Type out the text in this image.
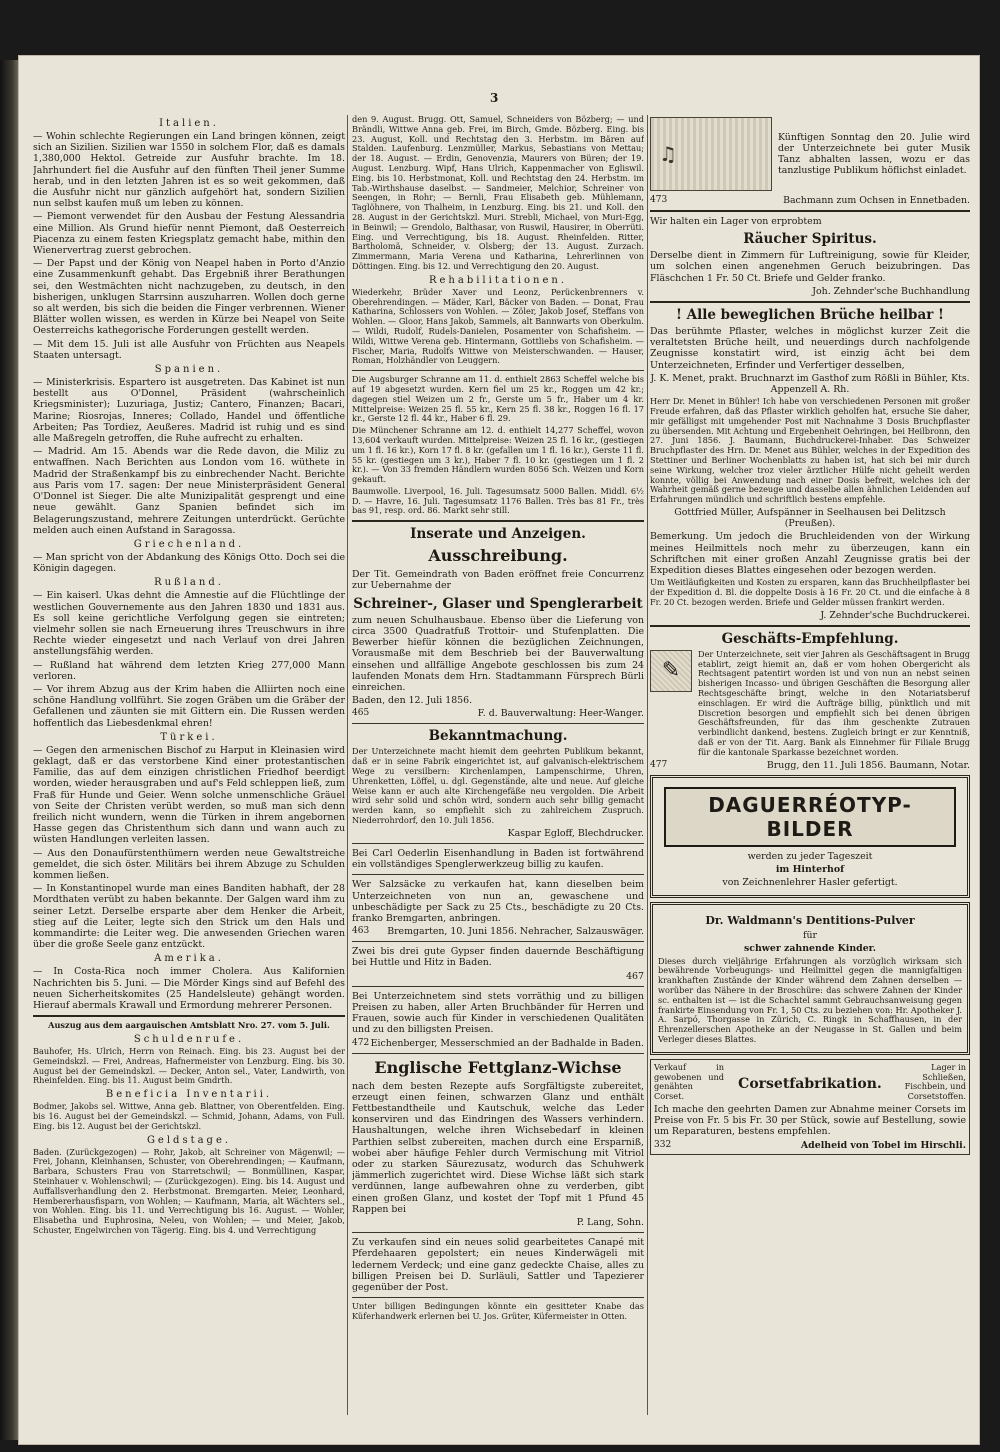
3
Italien.

— Wohin schlechte Regierungen ein Land bringen können, zeigt sich an Sizilien. Sizilien war 1550 in solchem Flor, daß es damals 1,380,000 Hektol. Getreide zur Ausfuhr brachte. Im 18. Jahrhundert fiel die Ausfuhr auf den fünften Theil jener Summe herab, und in den letzten Jahren ist es so weit gekommen, daß die Ausfuhr nicht nur gänzlich aufgehört hat, sondern Sizilien nun selbst kaufen muß um leben zu können.

— Piemont verwendet für den Ausbau der Festung Alessandria eine Million. Als Grund hiefür nennt Piemont, daß Oesterreich Piacenza zu einem festen Kriegsplatz gemacht habe, mithin den Wienervertrag zuerst gebrochen.

— Der Papst und der König von Neapel haben in Porto d'Anzio eine Zusammenkunft gehabt. Das Ergebniß ihrer Berathungen sei, den Westmächten nicht nachzugeben, zu deutsch, in den bisherigen, unklugen Starrsinn auszuharren. Wollen doch gerne so alt werden, bis sich die beiden die Finger verbrennen. Wiener Blätter wollen wissen, es werden in Kürze bei Neapel von Seite Oesterreichs kathegorische Forderungen gestellt werden.

— Mit dem 15. Juli ist alle Ausfuhr von Früchten aus Neapels Staaten untersagt.

Spanien.

— Ministerkrisis. Espartero ist ausgetreten. Das Kabinet ist nun bestellt aus O'Donnel, Präsident (wahrscheinlich Kriegsminister); Luzuriaga, Justiz; Cantero, Finanzen; Bacari, Marine; Riosrojas, Inneres; Collado, Handel und öffentliche Arbeiten; Pas Tordiez, Aeußeres. Madrid ist ruhig und es sind alle Maßregeln getroffen, die Ruhe aufrecht zu erhalten.

— Madrid. Am 15. Abends war die Rede davon, die Miliz zu entwaffnen. Nach Berichten aus London vom 16. wüthete in Madrid der Straßenkampf bis zu einbrechender Nacht. Berichte aus Paris vom 17. sagen: Der neue Ministerpräsident General O'Donnel ist Sieger. Die alte Munizipalität gesprengt und eine neue gewählt. Ganz Spanien befindet sich im Belagerungszustand, mehrere Zeitungen unterdrückt. Gerüchte melden auch einen Aufstand in Saragossa.

Griechenland.

— Man spricht von der Abdankung des Königs Otto. Doch sei die Königin dagegen.

Rußland.

— Ein kaiserl. Ukas dehnt die Amnestie auf die Flüchtlinge der westlichen Gouvernemente aus den Jahren 1830 und 1831 aus. Es soll keine gerichtliche Verfolgung gegen sie eintreten; vielmehr sollen sie nach Erneuerung ihres Treuschwurs in ihre Rechte wieder eingesetzt und nach Verlauf von drei Jahren anstellungsfähig werden.

— Rußland hat während dem letzten Krieg 277,000 Mann verloren.

— Vor ihrem Abzug aus der Krim haben die Alliirten noch eine schöne Handlung vollführt. Sie zogen Gräben um die Gräber der Gefallenen und zäunten sie mit Gittern ein. Die Russen werden hoffentlich das Liebesdenkmal ehren!

Türkei.

— Gegen den armenischen Bischof zu Harput in Kleinasien wird geklagt, daß er das verstorbene Kind einer protestantischen Familie, das auf dem einzigen christlichen Friedhof beerdigt worden, wieder herausgraben und auf's Feld schleppen ließ, zum Fraß für Hunde und Geier. Wenn solche unmenschliche Gräuel von Seite der Christen verübt werden, so muß man sich denn freilich nicht wundern, wenn die Türken in ihrem angebornen Hasse gegen das Christenthum sich dann und wann auch zu wüsten Handlungen verleiten lassen.

— Aus den Donaufürstenthümern werden neue Gewaltstreiche gemeldet, die sich öster. Militärs bei ihrem Abzuge zu Schulden kommen ließen.

— In Konstantinopel wurde man eines Banditen habhaft, der 28 Mordthaten verübt zu haben bekannte. Der Galgen ward ihm zu seiner Letzt. Derselbe ersparte aber dem Henker die Arbeit, stieg auf die Leiter, legte sich den Strick um den Hals und kommandirte: die Leiter weg. Die anwesenden Griechen waren über die große Seele ganz entzückt.

Amerika.

— In Costa-Rica noch immer Cholera. Aus Kalifornien Nachrichten bis 5. Juni. — Die Mörder Kings sind auf Befehl des neuen Sicherheitskomites (25 Handelsleute) gehängt worden. Hierauf abermals Krawall und Ermordung mehrerer Personen.

Auszug aus dem aargauischen Amtsblatt Nro. 27. vom 5. Juli.

Schuldenrufe.

Bauhofer, Hs. Ulrich, Herrn von Reinach. Eing. bis 23. August bei der Gemeindskzl. — Frei, Andreas, Hafnermeister von Lenzburg. Eing. bis 30. August bei der Gemeindskzl. — Decker, Anton sel., Vater, Landwirth, von Rheinfelden. Eing. bis 11. August beim Gmdrth.

Beneficia Inventarii.

Bodmer, Jakobs sel. Wittwe, Anna geb. Blattner, von Oberentfelden. Eing. bis 16. August bei der Gemeindskzl. — Schmid, Johann, Adams, von Full. Eing. bis 12. August bei der Gerichtskzl.

Geldstage.

Baden. (Zurückgezogen) — Rohr, Jakob, alt Schreiner von Mägenwil; — Frei, Johann, Kleinhansen, Schuster, von Oberehrendingen; — Kaufmann, Barbara, Schusters Frau von Starretschwil; — Bonmüllinen, Kaspar, Steinhauer v. Wohlenschwil; — (Zurückgezogen). Eing. bis 14. August und Auffallsverhandlung den 2. Herbstmonat. Bremgarten. Meier, Leonhard, Hembererhausfisparn, von Wohlen; — Kaufmann, Maria, alt Wächters sel., von Wohlen. Eing. bis 11. und Verrechtigung bis 16. August. — Wohler, Elisabetha und Euphrosina, Neleu, von Wohlen; — und Meier, Jakob, Schuster, Engelwirchen von Tägerig. Eing. bis 4. und Verrechtigung

den 9. August. Brugg. Ott, Samuel, Schneiders von Bözberg; — und Brändli, Wittwe Anna geb. Frei, im Birch, Gmde. Bözberg. Eing. bis 23. August, Koll. und Rechtstag den 3. Herbstm. im Bären auf Stalden. Laufenburg. Lenzmüller, Markus, Sebastians von Mettau; der 18. August. — Erdin, Genovenzia, Maurers von Büren; der 19. August. Lenzburg. Wipf, Hans Ulrich, Kappenmacher von Egliswil. Eing. bis 10. Herbstmonat, Koll. und Rechtstag den 24. Herbstm. im Tab.-Wirthshause daselbst. — Sandmeier, Melchior, Schreiner von Seengen, in Rohr; — Bernli, Frau Elisabeth geb. Mühlemann, Taglöhnere, von Thalheim, in Lenzburg. Eing. bis 21. und Koll. den 28. August in der Gerichtskzl. Muri. Strebli, Michael, von Muri-Egg, in Beinwil; — Grendolo, Balthasar, von Ruswil, Hausirer, in Oberrüti. Eing. und Verrechtigung, bis 18. August. Rheinfelden. Ritter, Bartholomä, Schneider, v. Olsberg; der 13. August. Zurzach. Zimmermann, Maria Verena und Katharina, Lehrerlinnen von Döttingen. Eing. bis 12. und Verrechtigung den 20. August.

Rehabilitationen.

Wiederkehr, Brüder Xaver und Leonz, Perückenbrenners v. Oberehrendingen. — Mäder, Karl, Bäcker von Baden. — Donat, Frau Katharina, Schlossers von Wohlen. — Zöler, Jakob Josef, Steffans von Wohlen. — Gloor, Hans Jakob, Sammels, alt Bannwarts von Oberkulm. — Wildi, Rudolf, Rudels-Danielen, Posamenter von Schafisheim. — Wildi, Wittwe Verena geb. Hintermann, Gottliebs von Schafisheim. — Fischer, Maria, Rudolfs Wittwe von Meisterschwanden. — Hauser, Roman, Holzhändler von Leuggern.

Die Augsburger Schranne am 11. d. enthielt 2863 Scheffel welche bis auf 19 abgesetzt wurden. Kern fiel um 25 kr., Roggen um 42 kr.; dagegen stiel Weizen um 2 fr., Gerste um 5 fr., Haber um 4 kr. Mittelpreise: Weizen 25 fl. 55 kr., Kern 25 fl. 38 kr., Roggen 16 fl. 17 kr., Gerste 12 fl. 44 kr., Haber 6 fl. 29.

Die Münchener Schranne am 12. d. enthielt 14,277 Scheffel, wovon 13,604 verkauft wurden. Mittelpreise: Weizen 25 fl. 16 kr., (gestiegen um 1 fl. 16 kr.), Korn 17 fl. 8 kr. (gefallen um 1 fl. 16 kr.), Gerste 11 fl. 55 kr. (gestiegen um 3 kr.), Haber 7 fl. 10 kr. (gestiegen um 1 fl. 2 kr.). — Von 33 fremden Händlern wurden 8056 Sch. Weizen und Korn gekauft.

Baumwolle. Liverpool, 16. Juli. Tagesumsatz 5000 Ballen. Middl. 6½ D. — Havre, 16. Juli. Tagesumsatz 1176 Ballen. Très bas 81 Fr., très bas 91, resp. ord. 86. Markt sehr still.

Inserate und Anzeigen.
Ausschreibung.

Der Tit. Gemeindrath von Baden eröffnet freie Concurrenz zur Uebernahme der

Schreiner-, Glaser und Spenglerarbeit

zum neuen Schulhausbaue. Ebenso über die Lieferung von circa 3500 Quadratfuß Trottoir- und Stufenplatten. Die Bewerber hiefür können die bezüglichen Zeichnungen, Vorausmaße mit dem Beschrieb bei der Bauverwaltung einsehen und allfällige Angebote geschlossen bis zum 24 laufenden Monats dem Hrn. Stadtammann Fürsprech Bürli einreichen.

Baden, den 12. Juli 1856.

465	F. d. Bauverwaltung: Heer-Wanger.
Bekanntmachung.

Der Unterzeichnete macht hiemit dem geehrten Publikum bekannt, daß er in seine Fabrik eingerichtet ist, auf galvanisch-elektrischem Wege zu versilbern: Kirchenlampen, Lampenschirme, Uhren, Uhrenketten, Löffel, u. dgl. Gegenstände, alte und neue. Auf gleiche Weise kann er auch alte Kirchengefäße neu vergolden. Die Arbeit wird sehr solid und schön wird, sondern auch sehr billig gemacht werden kann, so empfiehlt sich zu zahlreichem Zuspruch. Niederrohrdorf, den 10. Juli 1856.

Kaspar Egloff, Blechdrucker.

Bei Carl Oederlin Eisenhandlung in Baden ist fortwährend ein vollständiges Spenglerwerkzeug billig zu kaufen.

Wer Salzsäcke zu verkaufen hat, kann dieselben beim Unterzeichneten von nun an, gewaschene und unbeschädigte per Sack zu 25 Cts., beschädigte zu 20 Cts. franko Bremgarten, anbringen.

463 Bremgarten, 10. Juni 1856. Nehracher, Salzauswäger.

Zwei bis drei gute Gypser finden dauernde Beschäftigung bei Huttle und Hitz in Baden.

467

Bei Unterzeichnetem sind stets vorräthig und zu billigen Preisen zu haben, aller Arten Bruchbänder für Herren und Frauen, sowie auch für Kinder in verschiedenen Qualitäten und zu den billigsten Preisen.

472 Eichenberger, Messerschmied an der Badhalde in Baden.
Englische Fettglanz-Wichse

nach dem besten Rezepte aufs Sorgfältigste zubereitet, erzeugt einen feinen, schwarzen Glanz und enthält Fettbestandtheile und Kautschuk, welche das Leder konserviren und das Eindringen des Wassers verhindern. Haushaltungen, welche ihren Wichsebedarf in kleinen Parthien selbst zubereiten, machen durch eine Ersparniß, wobei aber häufige Fehler durch Vermischung mit Vitriol oder zu starken Säurezusatz, wodurch das Schuhwerk jämmerlich zugerichtet wird. Diese Wichse läßt sich stark verdünnen, lange aufbewahren ohne zu verderben, gibt einen großen Glanz, und kostet der Topf mit 1 Pfund 45 Rappen bei

P. Lang, Sohn.

Zu verkaufen sind ein neues solid gearbeitetes Canapé mit Pferdehaaren gepolstert; ein neues Kinderwägeli mit ledernem Verdeck; und eine ganz gedeckte Chaise, alles zu billigen Preisen bei D. Surläuli, Sattler und Tapezierer gegenüber der Post.

Unter billigen Bedingungen könnte ein gesitteter Knabe das Küferhandwerk erlernen bei U. Jos. Grüter, Küfermeister in Otten.

♫

Künftigen Sonntag den 20. Julie wird der Unterzeichnete bei guter Musik Tanz abhalten lassen, wozu er das tanzlustige Publikum höflichst einladet.

473	Bachmann zum Ochsen in Ennetbaden.

Wir halten ein Lager von erprobtem

Räucher Spiritus.

Derselbe dient in Zimmern für Luftreinigung, sowie für Kleider, um solchen einen angenehmen Geruch beizubringen. Das Fläschchen 1 Fr. 50 Ct. Briefe und Gelder franko.

Joh. Zehnder'sche Buchhandlung

! Alle beweglichen Brüche heilbar !

Das berühmte Pflaster, welches in möglichst kurzer Zeit die veraltetsten Brüche heilt, und neuerdings durch nachfolgende Zeugnisse konstatirt wird, ist einzig ächt bei dem Unterzeichneten, Erfinder und Verfertiger desselben,

J. K. Menet, prakt. Bruchnarzt im Gasthof zum Rößli in Bühler, Kts. Appenzell A. Rh.

Herr Dr. Menet in Bühler! Ich habe von verschiedenen Personen mit großer Freude erfahren, daß das Pflaster wirklich geholfen hat, ersuche Sie daher, mir gefälligst mit umgehender Post mit Nachnahme 3 Dosis Bruchpflaster zu übersenden. Mit Achtung und Ergebenheit Oehringen, bei Heilbronn, den 27. Juni 1856. J. Baumann, Buchdruckerei-Inhaber. Das Schweizer Bruchpflaster des Hrn. Dr. Menet aus Bühler, welches in der Expedition des Stettiner und Berliner Wochenblatts zu haben ist, hat sich bei mir durch seine Wirkung, welcher troz vieler ärztlicher Hülfe nicht geheilt werden konnte, völlig bei Anwendung nach einer Dosis befreit, welches ich der Wahrheit gemäß gerne bezeuge und dasselbe allen ähnlichen Leidenden auf Erfahrungen mündlich und schriftlich bestens empfehle.

Gottfried Müller, Aufspänner in Seelhausen bei Delitzsch (Preußen).

Bemerkung. Um jedoch die Bruchleidenden von der Wirkung meines Heilmittels noch mehr zu überzeugen, kann ein Schriftchen mit einer großen Anzahl Zeugnisse gratis bei der Expedition dieses Blattes eingesehen oder bezogen werden.

Um Weitläufigkeiten und Kosten zu ersparen, kann das Bruchheilpflaster bei der Expedition d. Bl. die doppelte Dosis à 16 Fr. 20 Ct. und die einfache à 8 Fr. 20 Ct. bezogen werden. Briefe und Gelder müssen frankirt werden.

J. Zehnder'sche Buchdruckerei.

Geschäfts-Empfehlung.
✎

Der Unterzeichnete, seit vier Jahren als Geschäftsagent in Brugg etablirt, zeigt hiemit an, daß er vom hohen Obergericht als Rechtsagent patentirt worden ist und von nun an nebst seinen bisherigen Incasso- und übrigen Geschäften die Besorgung aller Rechtsgeschäfte bringt, welche in den Notariatsberuf einschlagen. Er wird die Aufträge billig, pünktlich und mit Discretion besorgen und empfiehlt sich bei denen übrigen Geschäftsfreunden, für das ihm geschenkte Zutrauen verbindlicht dankend, bestens. Zugleich bringt er zur Kenntniß, daß er von der Tit. Aarg. Bank als Einnehmer für Filiale Brugg für die kantonale Sparkasse bezeichnet worden.

477	Brugg, den 11. Juli 1856. Baumann, Notar.
DAGUERRÉOTYP-BILDER

werden zu jeder Tageszeit

im Hinterhof

von Zeichnenlehrer Hasler gefertigt.

Dr. Waldmann's Dentitions-Pulver

für

schwer zahnende Kinder.

Dieses durch vieljährige Erfahrungen als vorzüglich wirksam sich bewährende Vorbeugungs- und Heilmittel gegen die mannigfaltigen krankhaften Zustände der Kinder während dem Zahnen derselben — worüber das Nähere in der Broschüre: das schwere Zahnen der Kinder sc. enthalten ist — ist die Schachtel sammt Gebrauchsanweisung gegen frankirte Einsendung von Fr. 1, 50 Cts. zu beziehen von: Hr. Apotheker J. A. Sarpó, Thorgasse in Zürich, C. Ringk in Schaffhausen, in der Ehrenzellerschen Apotheke an der Neugasse in St. Gallen und beim Verleger dieses Blattes.

Verkauf in gewobenen und genähten Corset.

Corsetfabrikation.

Lager in Schließen, Fischbein, und Corsetstoffen.

Ich mache den geehrten Damen zur Abnahme meiner Corsets im Preise von Fr. 5 bis Fr. 30 per Stück, sowie auf Bestellung, sowie um Reparaturen, bestens empfehlen.

332	Adelheid von Tobel im Hirschli.
